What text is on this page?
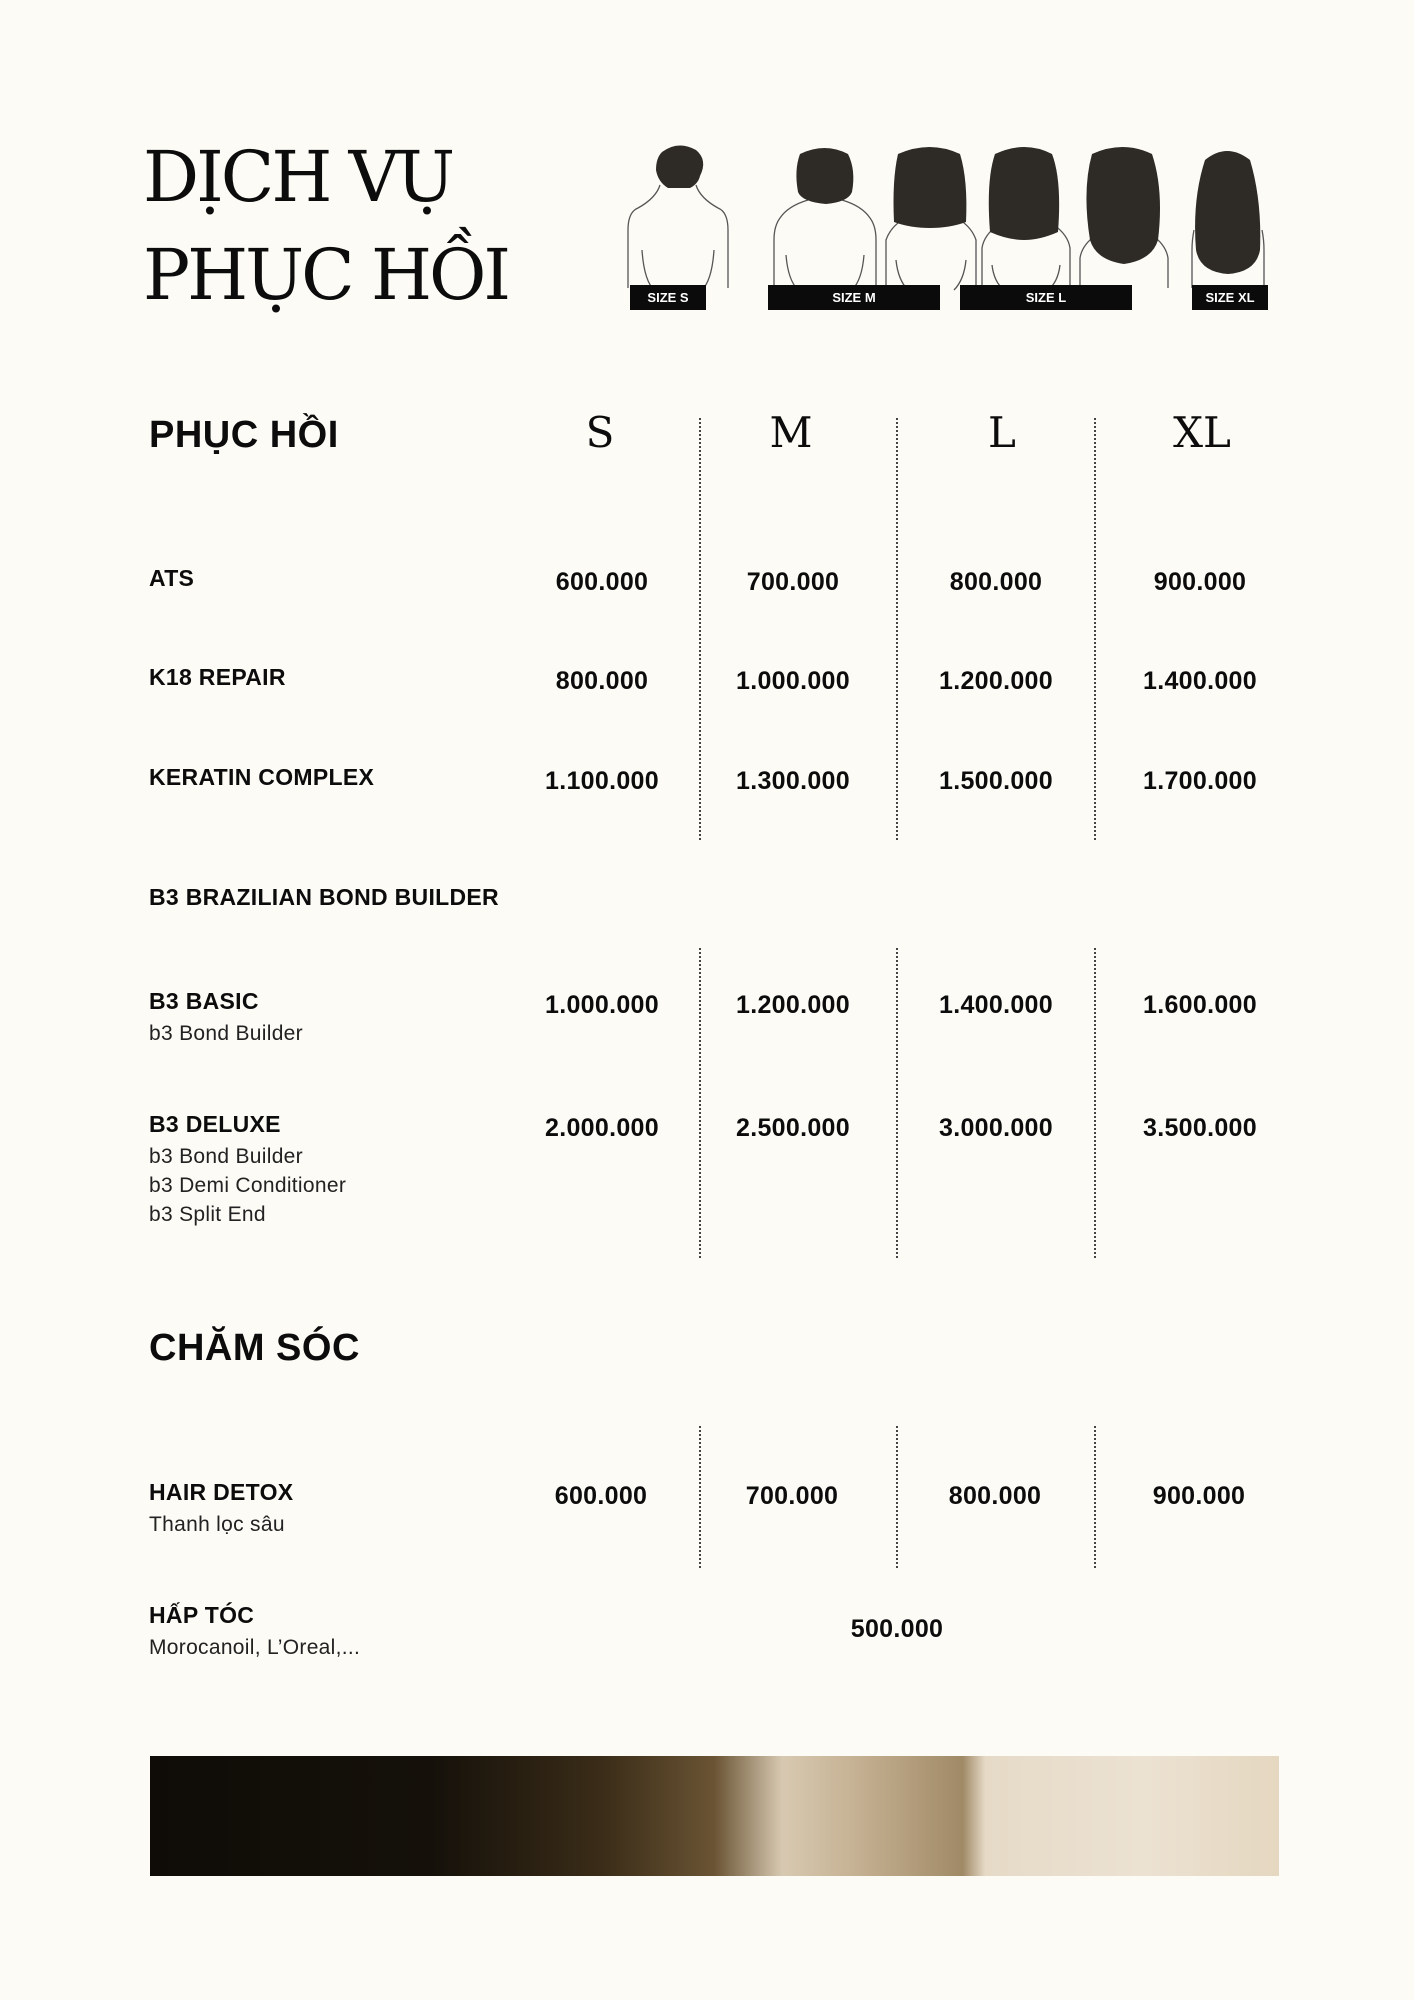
DỊCH VỤ
PHỤC HỒI	SIZE S	SIZE M	SIZE L	SIZE XL
PHỤC HỒI	S	M	L	XL
ATS	600.000	700.000	800.000	900.000
K18 REPAIR	800.000	1.000.000	1.200.000	1.400.000
KERATIN COMPLEX	1.100.000	1.300.000	1.500.000	1.700.000
B3 BRAZILIAN BOND BUILDER
B3 BASIC
b3 Bond Builder
1.000.000	1.200.000	1.400.000	1.600.000
B3 DELUXE
b3 Bond Builder
b3 Demi Conditioner
b3 Split End
2.000.000	2.500.000	3.000.000	3.500.000
CHĂM SÓC
HAIR DETOX
Thanh lọc sâu
600.000	700.000	800.000	900.000
HẤP TÓC
Morocanoil, L’Oreal,...
500.000
